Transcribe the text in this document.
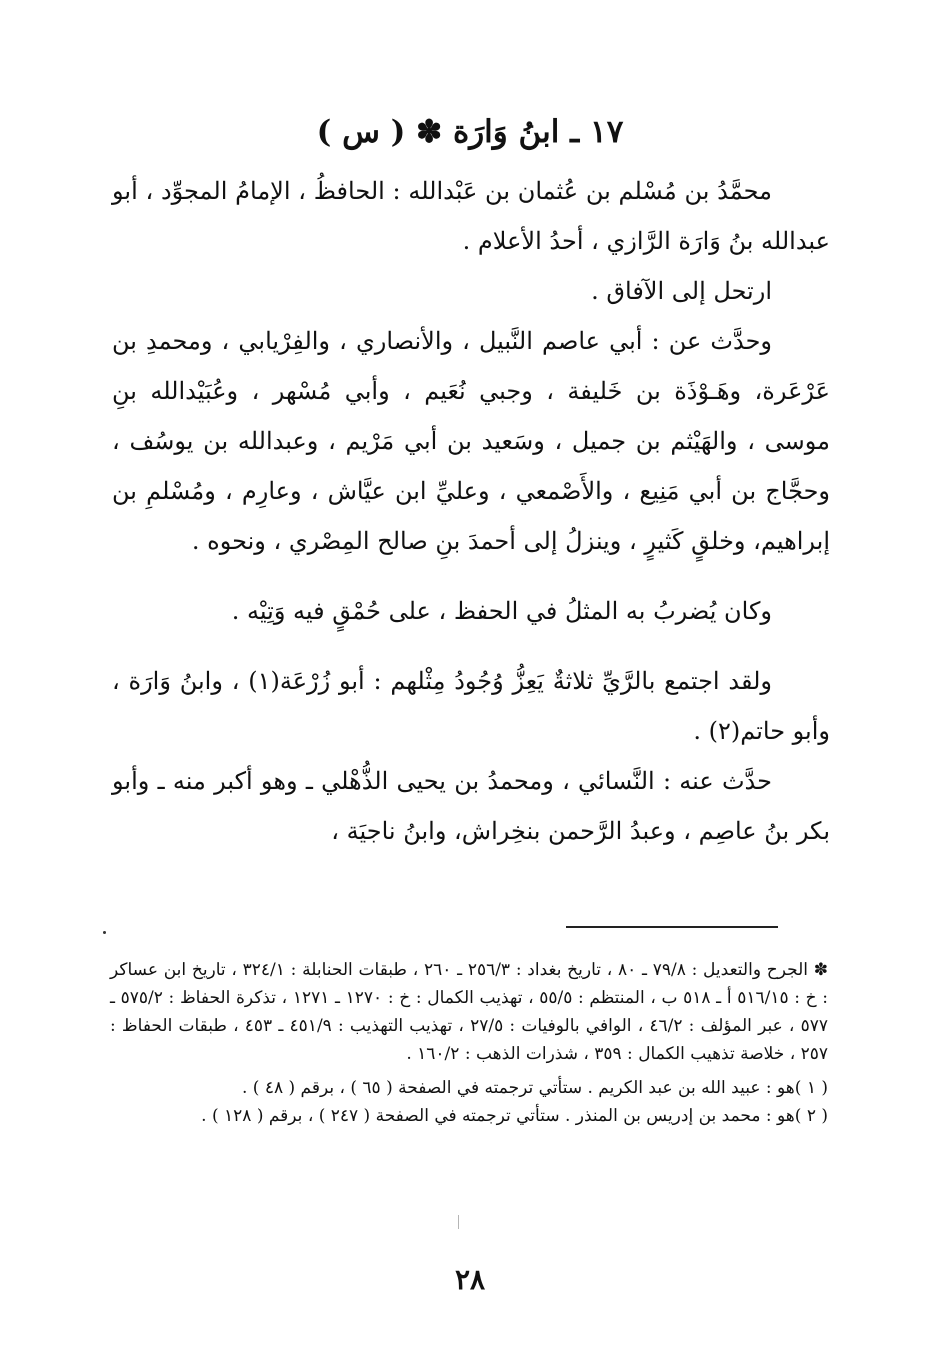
١٧ ـ ابنُ وَارَة ✽ ( س )

محمَّدُ بن مُسْلم بن عُثمان بن عَبْدالله : الحافظُ ، الإمامُ المجوِّد ، أبو عبدالله بنُ وَارَة الرَّازي ، أحدُ الأعلام .

ارتحل إلى الآفاق .

وحدَّث عن : أبي عاصم النَّبيل ، والأنصاري ، والفِرْيابي ، ومحمدِ بن عَرْعَرة، وهَـوْذَة بن خَليفة ، وجبي نُعَيم ، وأبي مُسْهر ، وعُبَيْدالله بنِ موسى ، والهَيْثم بن جميل ، وسَعيد بن أبي مَرْيم ، وعبدالله بن يوسُف ، وحجَّاج بن أبي مَنِيع ، والأَصْمعي ، وعليِّ ابن عيَّاش ، وعارِم ، ومُسْلمِ بن إبراهيم، وخلقٍ كَثيرٍ ، وينزلُ إلى أحمدَ بنِ صالح المِصْري ، ونحوه .

وكان يُضربُ به المثلُ في الحفظ ، على حُمْقٍ فيه وَتِيْه .

ولقد اجتمع بالرَّيِّ ثلاثةٌ يَعِزُّ وُجُودُ مِثْلهم : أبو زُرْعَة(١) ، وابنُ وَارَة ، وأبو حاتم(٢) .

حدَّث عنه : النَّسائي ، ومحمدُ بن يحيى الذُّهْلي ـ وهو أكبر منه ـ وأبو بكر بنُ عاصِم ، وعبدُ الرَّحمن بنخِراش، وابنُ ناجيَة ،

✽ الجرح والتعديل : ٧٩/٨ ـ ٨٠ ، تاريخ بغداد : ٢٥٦/٣ ـ ٢٦٠ ، طبقات الحنابلة : ٣٢٤/١ ، تاريخ ابن عساكر : خ : ٥١٦/١٥ أ ـ ٥١٨ ب ، المنتظم : ٥٥/٥ ، تهذيب الكمال : خ : ١٢٧٠ ـ ١٢٧١ ، تذكرة الحفاظ : ٥٧٥/٢ ـ ٥٧٧ ، عبر المؤلف : ٤٦/٢ ، الوافي بالوفيات : ٢٧/٥ ، تهذيب التهذيب : ٤٥١/٩ ـ ٤٥٣ ، طبقات الحفاظ : ٢٥٧ ، خلاصة تذهيب الكمال : ٣٥٩ ، شذرات الذهب : ١٦٠/٢ .

( ١ )هو : عبيد الله بن عبد الكريم . ستأتي ترجمته في الصفحة ( ٦٥ ) ، برقم ( ٤٨ ) .

( ٢ )هو : محمد بن إدريس بن المنذر . ستأتي ترجمته في الصفحة ( ٢٤٧ ) ، برقم ( ١٢٨ ) .

٢٨
